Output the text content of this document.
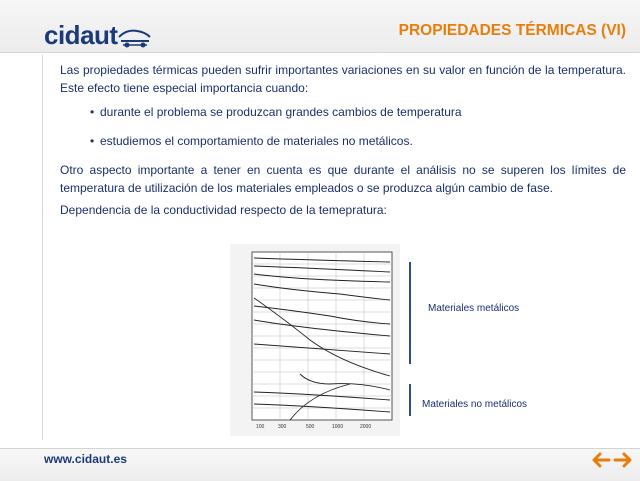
cidaut	PROPIEDADES TÉRMICAS (VI)

Las propiedades térmicas pueden sufrir importantes variaciones en su valor en función de la temperatura. Este efecto tiene especial importancia cuando:

• durante el problema se produzcan grandes cambios de temperatura
• estudiemos el comportamiento de materiales no metálicos.

Otro aspecto importante a tener en cuenta es que durante el análisis no se superen los límites de temperatura de utilización de los materiales empleados o se produzca algún cambio de fase.

Dependencia de la conductividad respecto de la temepratura:

100	300	500	1000	2000
Materiales metálicos
Materiales no metálicos
www.cidaut.es
